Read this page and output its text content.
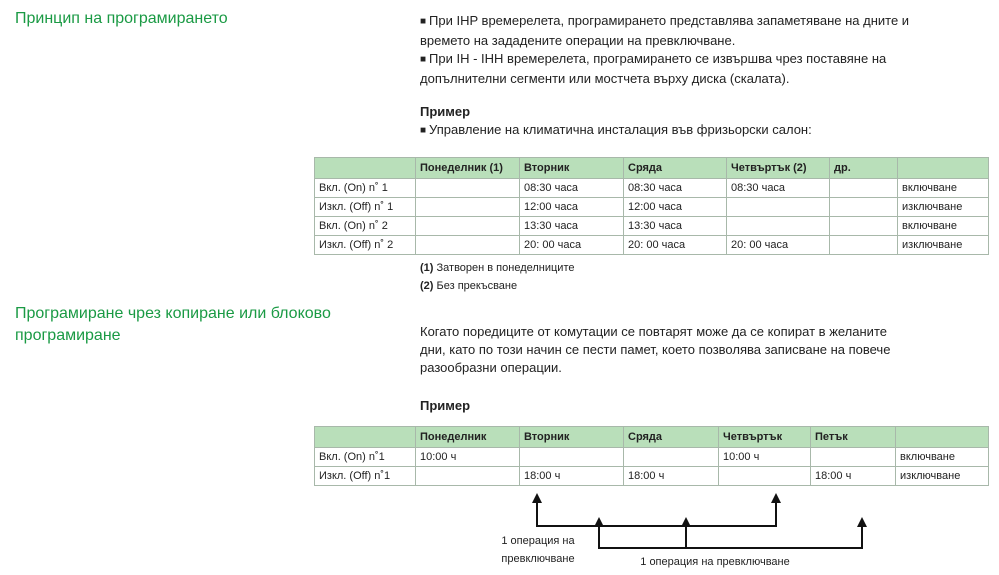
Принцип на програмирането	■ При IHP времерелета, програмирането представлява запаметяване на дните и
времето на зададените операции на превключване.
■ При IH - IHH времерелета, програмирането се извършва чрез поставяне на
допълнителни сегменти или мостчета върху диска (скалата).
Пример
■ Управление на климатична инсталация във фризьорски салон:
	Понеделник (1)	Вторник	Сряда	Четвъртък (2)	др.	
Вкл. (On) n˚ 1		08:30 часа	08:30 часа	08:30 часа		включване
Изкл. (Off) n˚ 1		12:00 часа	12:00 часа			изключване
Вкл. (On) n˚ 2		13:30 часа	13:30 часа			включване
Изкл. (Off) n˚ 2		20: 00 часа	20: 00 часа	20: 00 часа		изключване
(1) Затворен в понеделниците
(2) Без прекъсване
Програмиране чрез копиране или блоково
програмиране	Когато поредиците от комутации се повтарят може да се копират в желаните
дни, като по този начин се пести памет, което позволява записване на повече
разообразни операции.
Пример
	Понеделник	Вторник	Сряда	Четвъртък	Петък	
Вкл. (On) n˚1	10:00 ч			10:00 ч		включване
Изкл. (Off) n˚1		18:00 ч	18:00 ч		18:00 ч	изключване
1 операция на
превключване	1 операция на превключване
